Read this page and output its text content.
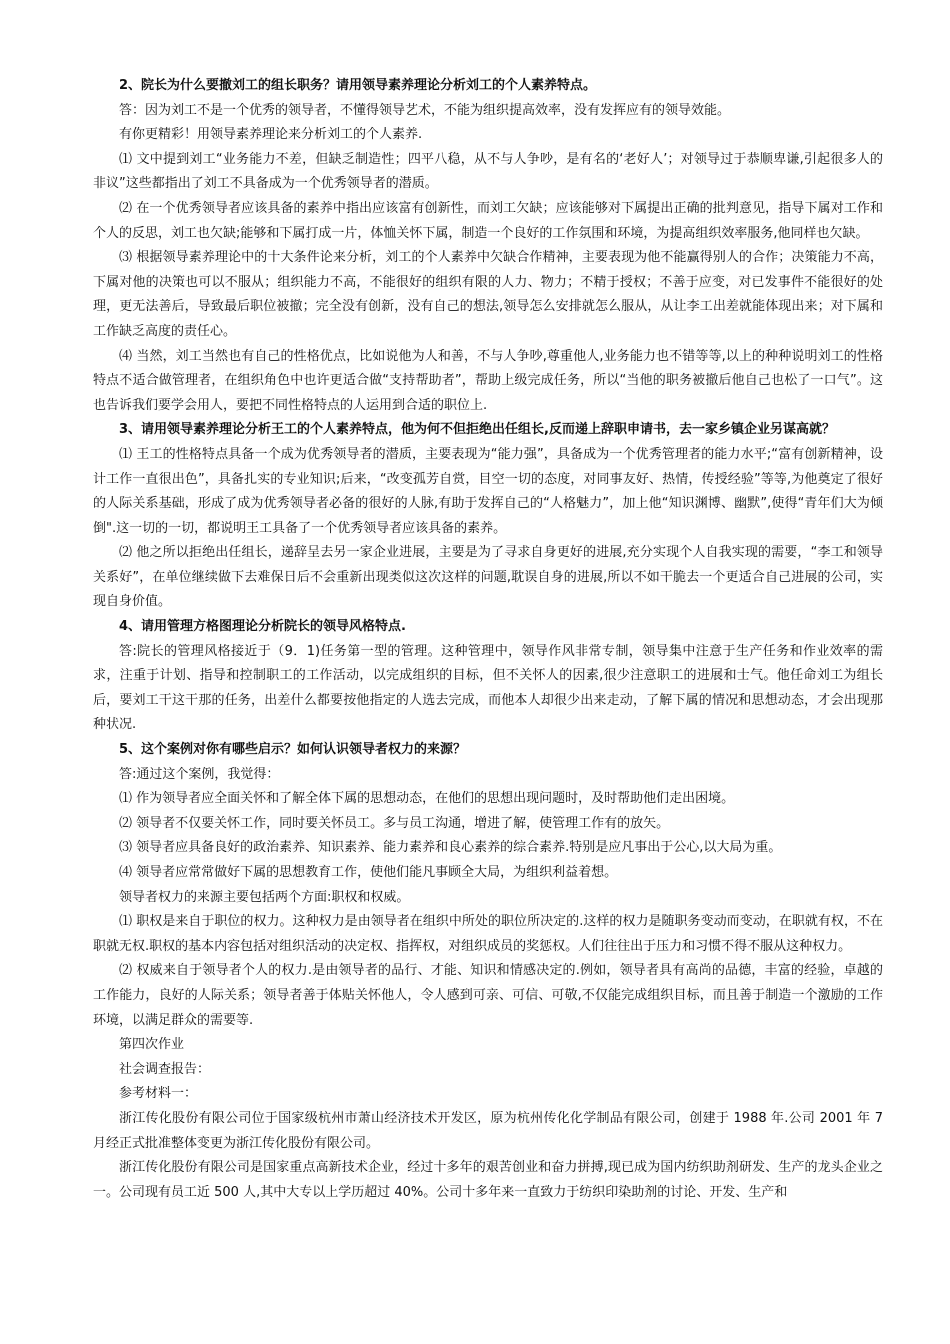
2、院长为什么要撤刘工的组长职务？请用领导素养理论分析刘工的个人素养特点。

答：因为刘工不是一个优秀的领导者，不懂得领导艺术，不能为组织提高效率，没有发挥应有的领导效能。

有你更精彩！用领导素养理论来分析刘工的个人素养.

⑴ 文中提到刘工“业务能力不差，但缺乏制造性；四平八稳，从不与人争吵，是有名的‘老好人’；对领导过于恭顺卑谦,引起很多人的非议”这些都指出了刘工不具备成为一个优秀领导者的潜质。

⑵ 在一个优秀领导者应该具备的素养中指出应该富有创新性，而刘工欠缺；应该能够对下属提出正确的批判意见，指导下属对工作和个人的反思，刘工也欠缺;能够和下属打成一片，体恤关怀下属，制造一个良好的工作氛围和环境，为提高组织效率服务,他同样也欠缺。

⑶ 根据领导素养理论中的十大条件论来分析，刘工的个人素养中欠缺合作精神，主要表现为他不能赢得别人的合作；决策能力不高，下属对他的决策也可以不服从；组织能力不高，不能很好的组织有限的人力、物力；不精于授权；不善于应变，对已发事件不能很好的处理，更无法善后，导致最后职位被撤；完全没有创新，没有自己的想法,领导怎么安排就怎么服从，从让李工出差就能体现出来；对下属和工作缺乏高度的责任心。

⑷ 当然，刘工当然也有自己的性格优点，比如说他为人和善，不与人争吵,尊重他人,业务能力也不错等等,以上的种种说明刘工的性格特点不适合做管理者，在组织角色中也许更适合做“支持帮助者”，帮助上级完成任务，所以“当他的职务被撤后他自己也松了一口气”。这也告诉我们要学会用人，要把不同性格特点的人运用到合适的职位上.

3、请用领导素养理论分析王工的个人素养特点，他为何不但拒绝出任组长,反而递上辞职申请书，去一家乡镇企业另谋高就？

⑴ 王工的性格特点具备一个成为优秀领导者的潜质，主要表现为“能力强”，具备成为一个优秀管理者的能力水平;“富有创新精神，设计工作一直很出色”，具备扎实的专业知识;后来，“改变孤芳自赏，目空一切的态度，对同事友好、热情，传授经验”等等,为他奠定了很好的人际关系基础，形成了成为优秀领导者必备的很好的人脉,有助于发挥自己的“人格魅力”，加上他“知识渊博、幽默”,使得“青年们大为倾倒".这一切的一切，都说明王工具备了一个优秀领导者应该具备的素养。

⑵ 他之所以拒绝出任组长，递辞呈去另一家企业进展，主要是为了寻求自身更好的进展,充分实现个人自我实现的需要，“李工和领导关系好”，在单位继续做下去难保日后不会重新出现类似这次这样的问题,耽误自身的进展,所以不如干脆去一个更适合自己进展的公司，实现自身价值。

4、请用管理方格图理论分析院长的领导风格特点.

答:院长的管理风格接近于（9．1)任务第一型的管理。这种管理中，领导作风非常专制，领导集中注意于生产任务和作业效率的需求，注重于计划、指导和控制职工的工作活动，以完成组织的目标，但不关怀人的因素,很少注意职工的进展和士气。他任命刘工为组长后，要刘工干这干那的任务，出差什么都要按他指定的人选去完成，而他本人却很少出来走动，了解下属的情况和思想动态，才会出现那种状况.

5、这个案例对你有哪些启示？如何认识领导者权力的来源？

答:通过这个案例，我觉得：

⑴ 作为领导者应全面关怀和了解全体下属的思想动态，在他们的思想出现问题时，及时帮助他们走出困境。

⑵ 领导者不仅要关怀工作，同时要关怀员工。多与员工沟通，增进了解，使管理工作有的放矢。

⑶ 领导者应具备良好的政治素养、知识素养、能力素养和良心素养的综合素养.特别是应凡事出于公心,以大局为重。

⑷ 领导者应常常做好下属的思想教育工作，使他们能凡事顾全大局，为组织利益着想。

领导者权力的来源主要包括两个方面:职权和权威。

⑴ 职权是来自于职位的权力。这种权力是由领导者在组织中所处的职位所决定的.这样的权力是随职务变动而变动，在职就有权，不在职就无权.职权的基本内容包括对组织活动的决定权、指挥权，对组织成员的奖惩权。人们往往出于压力和习惯不得不服从这种权力。

⑵ 权威来自于领导者个人的权力.是由领导者的品行、才能、知识和情感决定的.例如，领导者具有高尚的品德，丰富的经验，卓越的工作能力，良好的人际关系；领导者善于体贴关怀他人，令人感到可亲、可信、可敬,不仅能完成组织目标，而且善于制造一个激励的工作环境，以满足群众的需要等.

第四次作业

社会调查报告：

参考材料一：

浙江传化股份有限公司位于国家级杭州市萧山经济技术开发区，原为杭州传化化学制品有限公司，创建于 1988 年.公司 2001 年 7 月经正式批准整体变更为浙江传化股份有限公司。

浙江传化股份有限公司是国家重点高新技术企业，经过十多年的艰苦创业和奋力拼搏,现已成为国内纺织助剂研发、生产的龙头企业之一。公司现有员工近 500 人,其中大专以上学历超过 40%。公司十多年来一直致力于纺织印染助剂的讨论、开发、生产和
